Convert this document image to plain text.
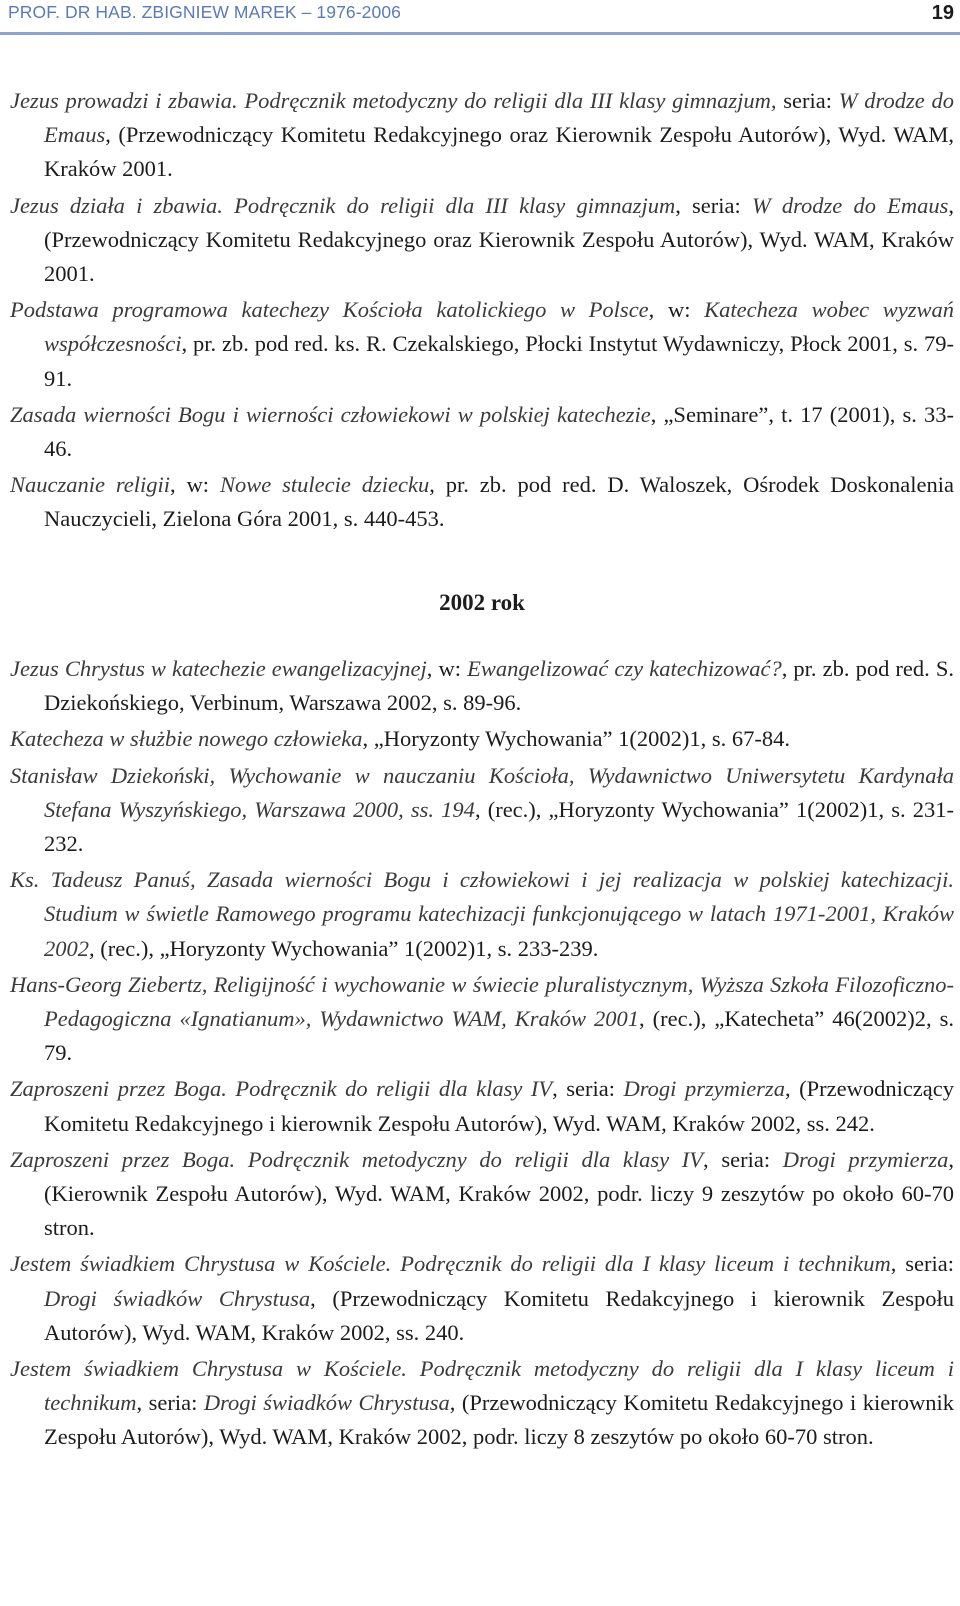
PROF. DR HAB. ZBIGNIEW MAREK – 1976-2006	19

Jezus prowadzi i zbawia. Podręcznik metodyczny do religii dla III klasy gimnazjum, seria: W drodze do Emaus, (Przewodniczący Komitetu Redakcyjnego oraz Kierownik Zespołu Autorów), Wyd. WAM, Kraków 2001.

Jezus działa i zbawia. Podręcznik do religii dla III klasy gimnazjum, seria: W drodze do Emaus, (Przewodniczący Komitetu Redakcyjnego oraz Kierownik Zespołu Autorów), Wyd. WAM, Kraków 2001.

Podstawa programowa katechezy Kościoła katolickiego w Polsce, w: Katecheza wobec wyzwań współczesności, pr. zb. pod red. ks. R. Czekalskiego, Płocki Instytut Wydawniczy, Płock 2001, s. 79-91.

Zasada wierności Bogu i wierności człowiekowi w polskiej katechezie, „Seminare”, t. 17 (2001), s. 33-46.

Nauczanie religii, w: Nowe stulecie dziecku, pr. zb. pod red. D. Waloszek, Ośrodek Doskonalenia Nauczycieli, Zielona Góra 2001, s. 440-453.

2002 rok

Jezus Chrystus w katechezie ewangelizacyjnej, w: Ewangelizować czy katechizować?, pr. zb. pod red. S. Dziekońskiego, Verbinum, Warszawa 2002, s. 89-96.

Katecheza w służbie nowego człowieka, „Horyzonty Wychowania” 1(2002)1, s. 67-84.

Stanisław Dziekoński, Wychowanie w nauczaniu Kościoła, Wydawnictwo Uniwersytetu Kardynała Stefana Wyszyńskiego, Warszawa 2000, ss. 194, (rec.), „Horyzonty Wychowania” 1(2002)1, s. 231-232.

Ks. Tadeusz Panuś, Zasada wierności Bogu i człowiekowi i jej realizacja w polskiej katechizacji. Studium w świetle Ramowego programu katechizacji funkcjonującego w latach 1971-2001, Kraków 2002, (rec.), „Horyzonty Wychowania” 1(2002)1, s. 233-239.

Hans-Georg Ziebertz, Religijność i wychowanie w świecie pluralistycznym, Wyższa Szkoła Filozoficzno-Pedagogiczna «Ignatianum», Wydawnictwo WAM, Kraków 2001, (rec.), „Katecheta” 46(2002)2, s. 79.

Zaproszeni przez Boga. Podręcznik do religii dla klasy IV, seria: Drogi przymierza, (Przewodniczący Komitetu Redakcyjnego i kierownik Zespołu Autorów), Wyd. WAM, Kraków 2002, ss. 242.

Zaproszeni przez Boga. Podręcznik metodyczny do religii dla klasy IV, seria: Drogi przymierza, (Kierownik Zespołu Autorów), Wyd. WAM, Kraków 2002, podr. liczy 9 zeszytów po około 60-70 stron.

Jestem świadkiem Chrystusa w Kościele. Podręcznik do religii dla I klasy liceum i technikum, seria: Drogi świadków Chrystusa, (Przewodniczący Komitetu Redakcyjnego i kierownik Zespołu Autorów), Wyd. WAM, Kraków 2002, ss. 240.

Jestem świadkiem Chrystusa w Kościele. Podręcznik metodyczny do religii dla I klasy liceum i technikum, seria: Drogi świadków Chrystusa, (Przewodniczący Komitetu Redakcyjnego i kierownik Zespołu Autorów), Wyd. WAM, Kraków 2002, podr. liczy 8 zeszytów po około 60-70 stron.
